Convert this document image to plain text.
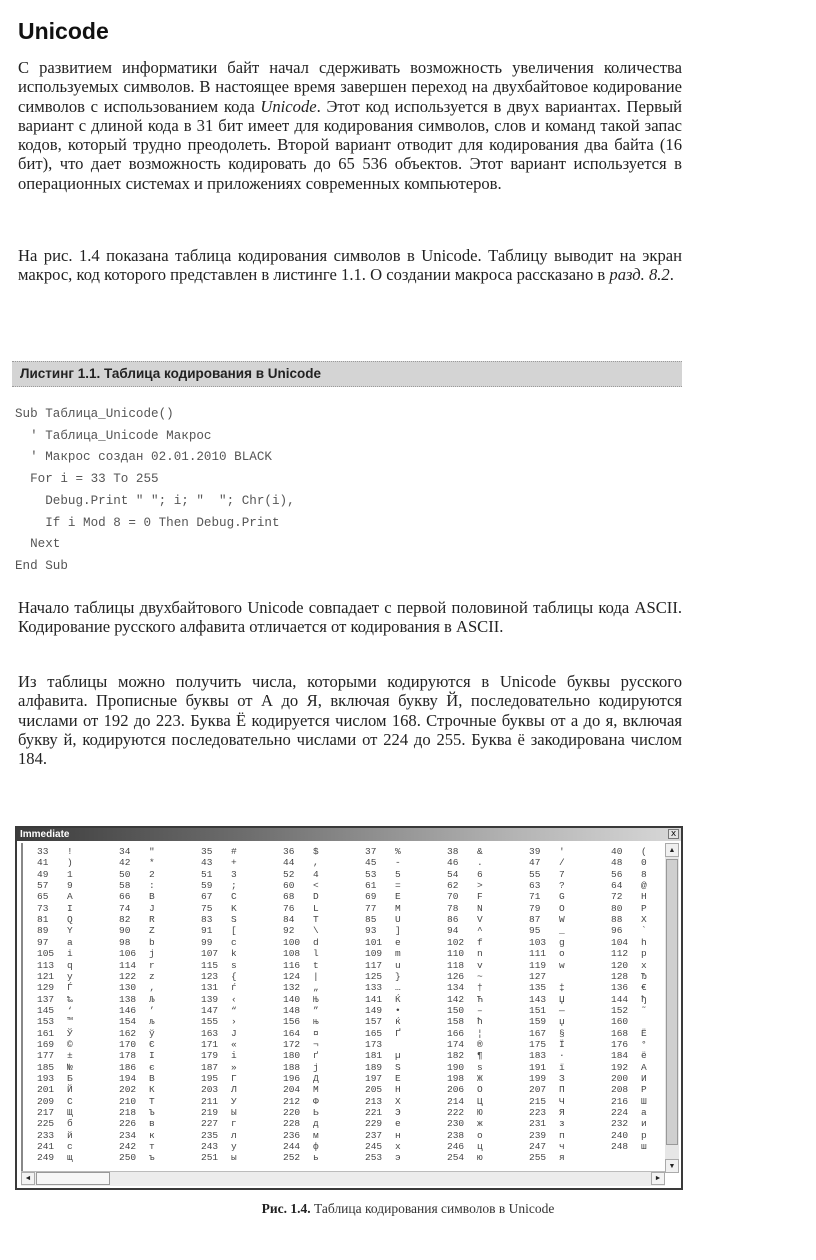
Unicode
С развитием информатики байт начал сдерживать возможность увеличения количества используемых символов. В настоящее время завершен переход на двухбайтовое кодирование символов с использованием кода Unicode. Этот код используется в двух вариантах. Первый вариант с длиной кода в 31 бит имеет для кодирования символов, слов и команд такой запас кодов, который трудно преодолеть. Второй вариант отводит для кодирования два байта (16 бит), что дает возможность кодировать до 65 536 объектов. Этот вариант используется в операционных системах и приложениях современных компьютеров.
На рис. 1.4 показана таблица кодирования символов в Unicode. Таблицу выводит на экран макрос, код которого представлен в листинге 1.1. О создании макроса рассказано в разд. 8.2.
Листинг 1.1. Таблица кодирования в Unicode
Sub Таблица_Unicode()
' Таблица_Unicode Макрос
' Макрос создан 02.01.2010 BLACK
For i = 33 To 255
Debug.Print " "; i; "  "; Chr(i),
If i Mod 8 = 0 Then Debug.Print
Next
End Sub
Начало таблицы двухбайтового Unicode совпадает с первой половиной таблицы кода ASCII. Кодирование русского алфавита отличается от кодирования в ASCII.
Из таблицы можно получить числа, которыми кодируются в Unicode буквы русского алфавита. Прописные буквы от А до Я, включая букву Й, последовательно кодируются числами от 192 до 223. Буква Ё кодируется числом 168. Строчные буквы от а до я, включая букву й, кодируются последовательно числами от 224 до 255. Буква ё закодирована числом 184.
Immediate	x
33 !	34 "	35 #	36 $	37 %	38 &	39 '	40 (
41 )	42 *	43 +	44 ,	45 -	46 .	47 /	48 0
49 1	50 2	51 3	52 4	53 5	54 6	55 7	56 8
57 9	58 :	59 ;	60 <	61 =	62 >	63 ?	64 @
65 A	66 B	67 C	68 D	69 E	70 F	71 G	72 H
73 I	74 J	75 K	76 L	77 M	78 N	79 O	80 P
81 Q	82 R	83 S	84 T	85 U	86 V	87 W	88 X
89 Y	90 Z	91 [	92 \	93 ]	94 ^	95 _	96 `
97 a	98 b	99 c	100 d	101 e	102 f	103 g	104 h
105 i	106 j	107 k	108 l	109 m	110 n	111 o	112 p
113 q	114 r	115 s	116 t	117 u	118 v	119 w	120 x
121 y	122 z	123 {	124 |	125 }	126 ~	127	128 Ђ
129 Ѓ	130 ‚	131 ѓ	132 „	133 …	134 †	135 ‡	136 €
137 ‰	138 Љ	139 ‹	140 Њ	141 Ќ	142 Ћ	143 Џ	144 ђ
145 ‘	146 ’	147 “	148 ”	149 •	150 –	151 —	152 ˜
153 ™	154 љ	155 ›	156 њ	157 ќ	158 ћ	159 џ	160

161 Ў	162 ў	163 Ј	164 ¤	165 Ґ	166 ¦	167 §	168 Ё
169 ©	170 Є	171 «	172 ¬	173	174 ®	175 Ї	176 °
177 ±	178 І	179 і	180 ґ	181 µ	182 ¶	183 ·	184 ё
185 №	186 є	187 »	188 ј	189 Ѕ	190 ѕ	191 ї	192 А
193 Б	194 В	195 Г	196 Д	197 Е	198 Ж	199 З	200 И
201 Й	202 К	203 Л	204 М	205 Н	206 О	207 П	208 Р
209 С	210 Т	211 У	212 Ф	213 Х	214 Ц	215 Ч	216 Ш
217 Щ	218 Ъ	219 Ы	220 Ь	221 Э	222 Ю	223 Я	224 а
225 б	226 в	227 г	228 д	229 е	230 ж	231 з	232 и
233 й	234 к	235 л	236 м	237 н	238 о	239 п	240 р
241 с	242 т	243 у	244 ф	245 х	246 ц	247 ч	248 ш
249 щ	250 ъ	251 ы	252 ь	253 э	254 ю	255 я
▲
▼
◄	►
Рис. 1.4. Таблица кодирования символов в Unicode
